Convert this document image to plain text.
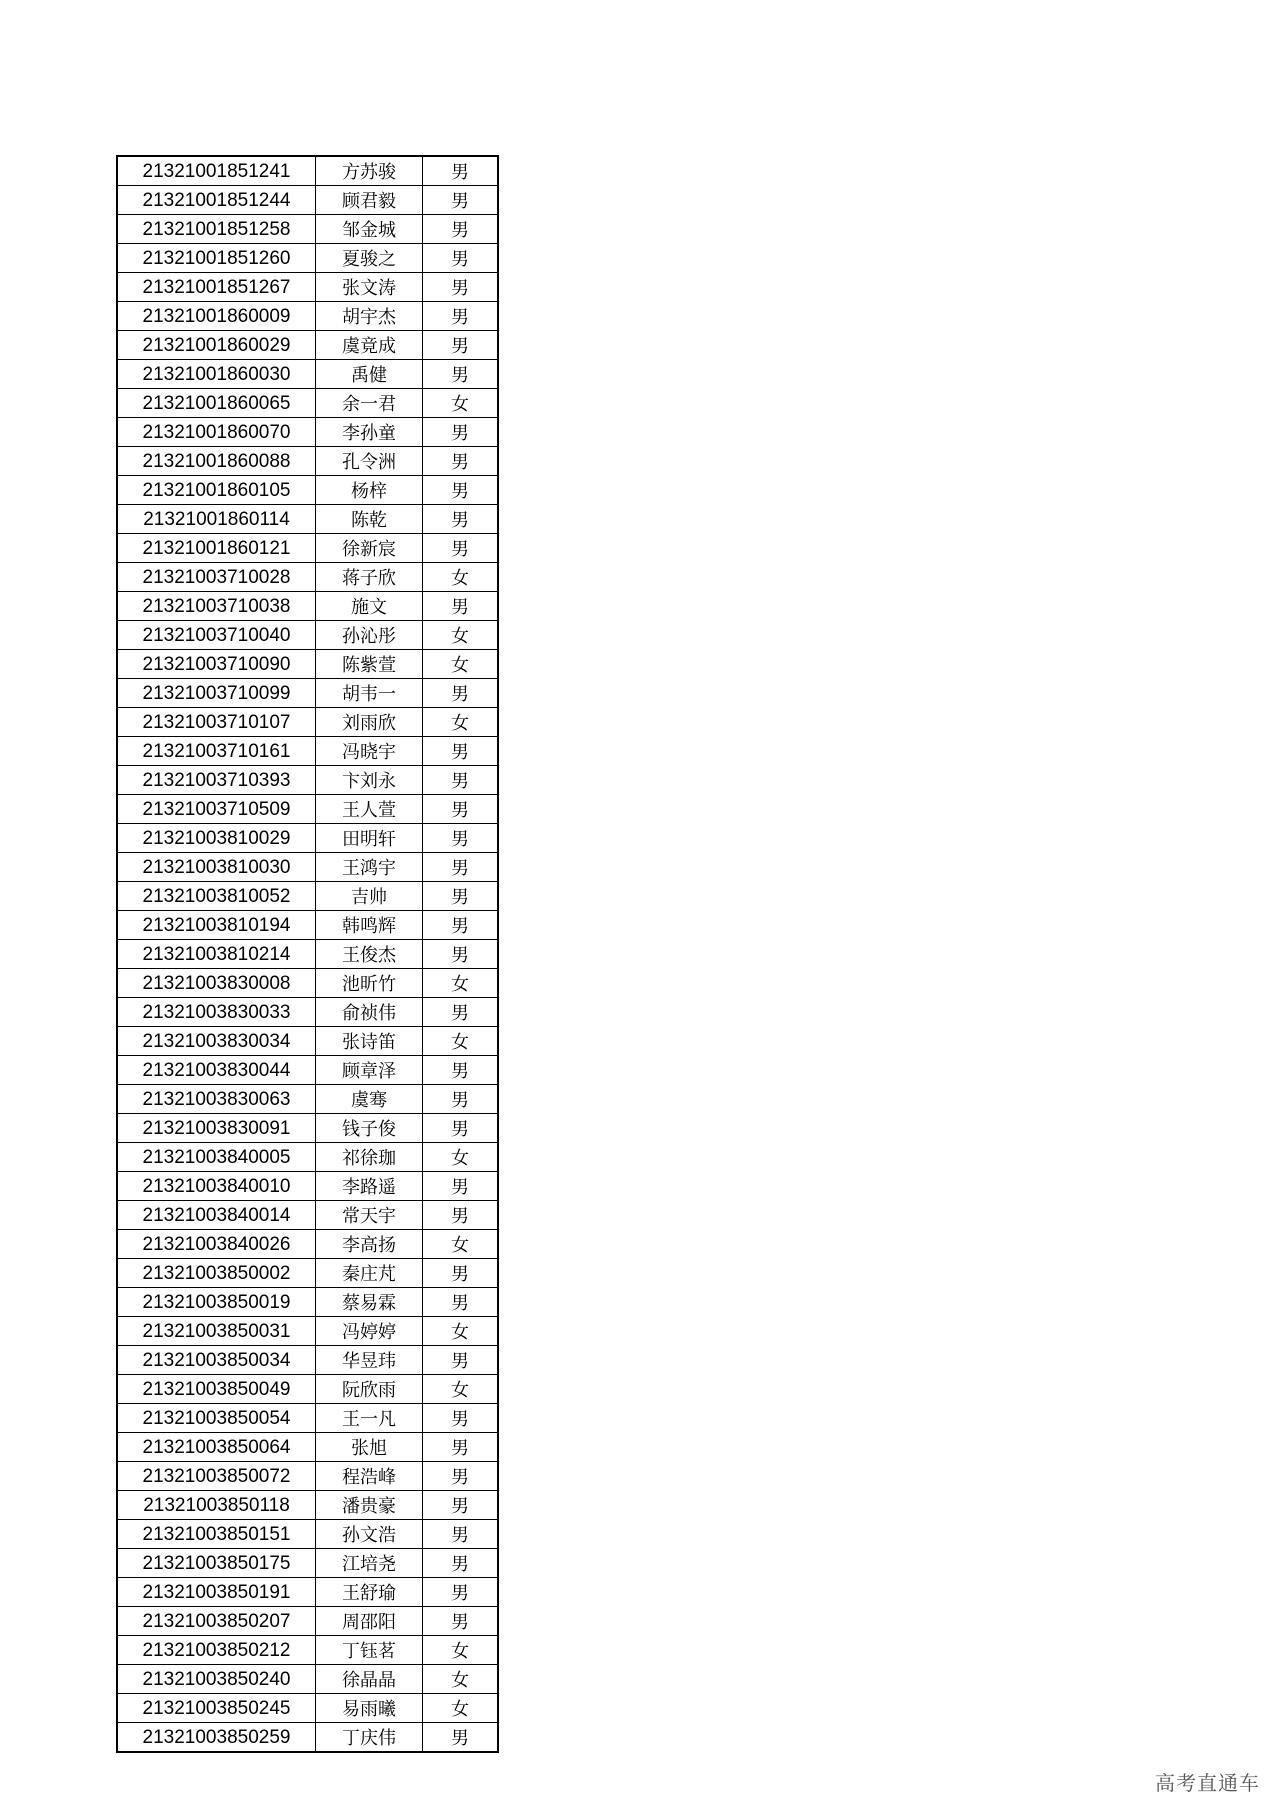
21321001851241	方苏骏	男
21321001851244	顾君毅	男
21321001851258	邹金城	男
21321001851260	夏骏之	男
21321001851267	张文涛	男
21321001860009	胡宇杰	男
21321001860029	虞竟成	男
21321001860030	禹健	男
21321001860065	余一君	女
21321001860070	李孙童	男
21321001860088	孔令洲	男
21321001860105	杨梓	男
21321001860114	陈乾	男
21321001860121	徐新宸	男
21321003710028	蒋子欣	女
21321003710038	施文	男
21321003710040	孙沁彤	女
21321003710090	陈紫萱	女
21321003710099	胡韦一	男
21321003710107	刘雨欣	女
21321003710161	冯晓宇	男
21321003710393	卞刘永	男
21321003710509	王人萱	男
21321003810029	田明轩	男
21321003810030	王鸿宇	男
21321003810052	吉帅	男
21321003810194	韩鸣辉	男
21321003810214	王俊杰	男
21321003830008	池昕竹	女
21321003830033	俞祯伟	男
21321003830034	张诗笛	女
21321003830044	顾章泽	男
21321003830063	虞骞	男
21321003830091	钱子俊	男
21321003840005	祁徐珈	女
21321003840010	李路遥	男
21321003840014	常天宇	男
21321003840026	李高扬	女
21321003850002	秦庄芃	男
21321003850019	蔡易霖	男
21321003850031	冯婷婷	女
21321003850034	华昱玮	男
21321003850049	阮欣雨	女
21321003850054	王一凡	男
21321003850064	张旭	男
21321003850072	程浩峰	男
21321003850118	潘贵豪	男
21321003850151	孙文浩	男
21321003850175	江培尧	男
21321003850191	王舒瑜	男
21321003850207	周邵阳	男
21321003850212	丁钰茗	女
21321003850240	徐晶晶	女
21321003850245	易雨曦	女
21321003850259	丁庆伟	男
高考直通车
